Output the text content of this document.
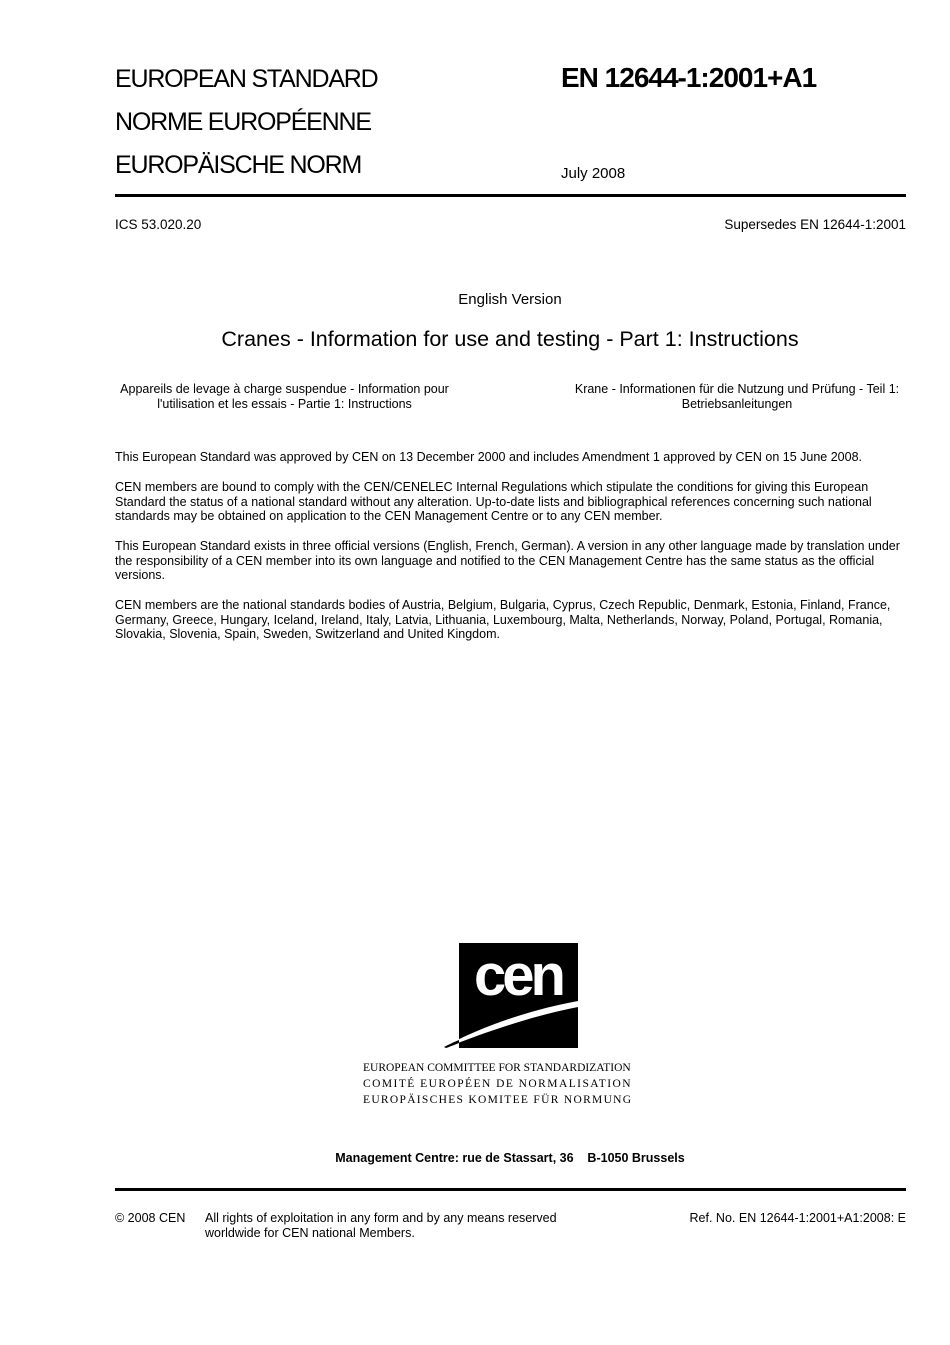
EUROPEAN STANDARD
NORME EUROPÉENNE
EUROPÄISCHE NORM
EN 12644-1:2001+A1
July 2008
ICS 53.020.20	Supersedes EN 12644-1:2001
English Version
Cranes - Information for use and testing - Part 1: Instructions
Appareils de levage à charge suspendue - Information pour
l'utilisation et les essais - Partie 1: Instructions
Krane - Informationen für die Nutzung und Prüfung - Teil 1:
Betriebsanleitungen
This European Standard was approved by CEN on 13 December 2000 and includes Amendment 1 approved by CEN on 15 June 2008.
CEN members are bound to comply with the CEN/CENELEC Internal Regulations which stipulate the conditions for giving this European Standard the status of a national standard without any alteration. Up-to-date lists and bibliographical references concerning such national standards may be obtained on application to the CEN Management Centre or to any CEN member.
This European Standard exists in three official versions (English, French, German). A version in any other language made by translation under the responsibility of a CEN member into its own language and notified to the CEN Management Centre has the same status as the official versions.
CEN members are the national standards bodies of Austria, Belgium, Bulgaria, Cyprus, Czech Republic, Denmark, Estonia, Finland, France, Germany, Greece, Hungary, Iceland, Ireland, Italy, Latvia, Lithuania, Luxembourg, Malta, Netherlands, Norway, Poland, Portugal, Romania, Slovakia, Slovenia, Spain, Sweden, Switzerland and United Kingdom.
cen
EUROPEAN COMMITTEE FOR STANDARDIZATION
COMITÉ EUROPÉEN DE NORMALISATION
EUROPÄISCHES KOMITEE FÜR NORMUNG
Management Centre: rue de Stassart, 36    B-1050 Brussels
© 2008 CEN All rights of exploitation in any form and by any means reserved
worldwide for CEN national Members.
Ref. No. EN 12644-1:2001+A1:2008: E
